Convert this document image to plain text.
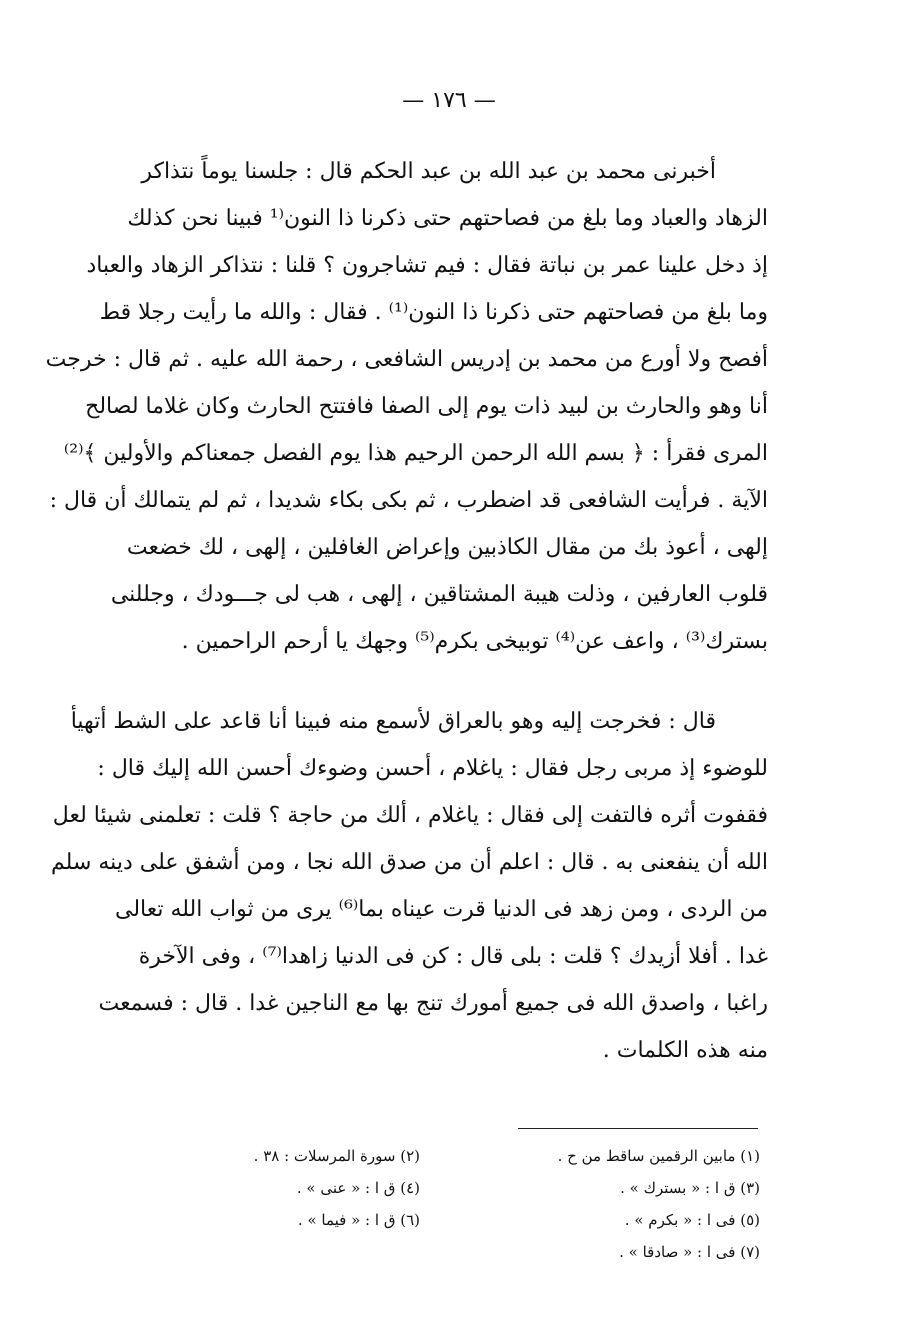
— ١٧٦ —
أخبرنى محمد بن عبد الله بن عبد الحكم قال : جلسنا يوماً نتذاكر
الزهاد والعباد وما بلغ من فصاحتهم حتى ذكرنا ذا النون⁽¹ فبينا نحن كذلك
إذ دخل علينا عمر بن نباتة فقال : فيم تشاجرون ؟ قلنا : نتذاكر الزهاد والعباد
وما بلغ من فصاحتهم حتى ذكرنا ذا النون⁽¹⁾ . فقال : والله ما رأيت رجلا قط
أفصح ولا أورع من محمد بن إدريس الشافعى ، رحمة الله عليه . ثم قال : خرجت
أنا وهو والحارث بن لبيد ذات يوم إلى الصفا فافتتح الحارث وكان غلاما لصالح
المرى فقرأ : ﴿ بسم الله الرحمن الرحيم هذا يوم الفصل جمعناكم والأولين ﴾⁽²⁾
الآية . فرأيت الشافعى قد اضطرب ، ثم بكى بكاء شديدا ، ثم لم يتمالك أن قال :
إلهى ، أعوذ بك من مقال الكاذبين وإعراض الغافلين ، إلهى ، لك خضعت
قلوب العارفين ، وذلت هيبة المشتاقين ، إلهى ، هب لى جـــودك ، وجللنى
بسترك⁽³⁾ ، واعف عن⁽⁴⁾ توبيخى بكرم⁽⁵⁾ وجهك يا أرحم الراحمين .
قال : فخرجت إليه وهو بالعراق لأسمع منه فبينا أنا قاعد على الشط أتهيأ
للوضوء إذ مربى رجل فقال : ياغلام ، أحسن وضوءك أحسن الله إليك قال :
فقفوت أثره فالتفت إلى فقال : ياغلام ، ألك من حاجة ؟ قلت : تعلمنى شيئا لعل
الله أن ينفعنى به . قال : اعلم أن من صدق الله نجا ، ومن أشفق على دينه سلم
من الردى ، ومن زهد فى الدنيا قرت عيناه بما⁽⁶⁾ يرى من ثواب الله تعالى
غدا . أفلا أزيدك ؟ قلت : بلى قال : كن فى الدنيا زاهدا⁽⁷⁾ ، وفى الآخرة
راغبا ، واصدق الله فى جميع أمورك تنج بها مع الناجين غدا . قال : فسمعت
منه هذه الكلمات .
(١) مابين الرقمين ساقط من ح .
(٣) ق ا : « بسترك » .
(٥) فى ا : « بكرم » .
(٧) فى ا : « صادقا » .
(٢) سورة المرسلات : ٣٨ .
(٤) ق ا : « عنى » .
(٦) ق ا : « فيما » .
